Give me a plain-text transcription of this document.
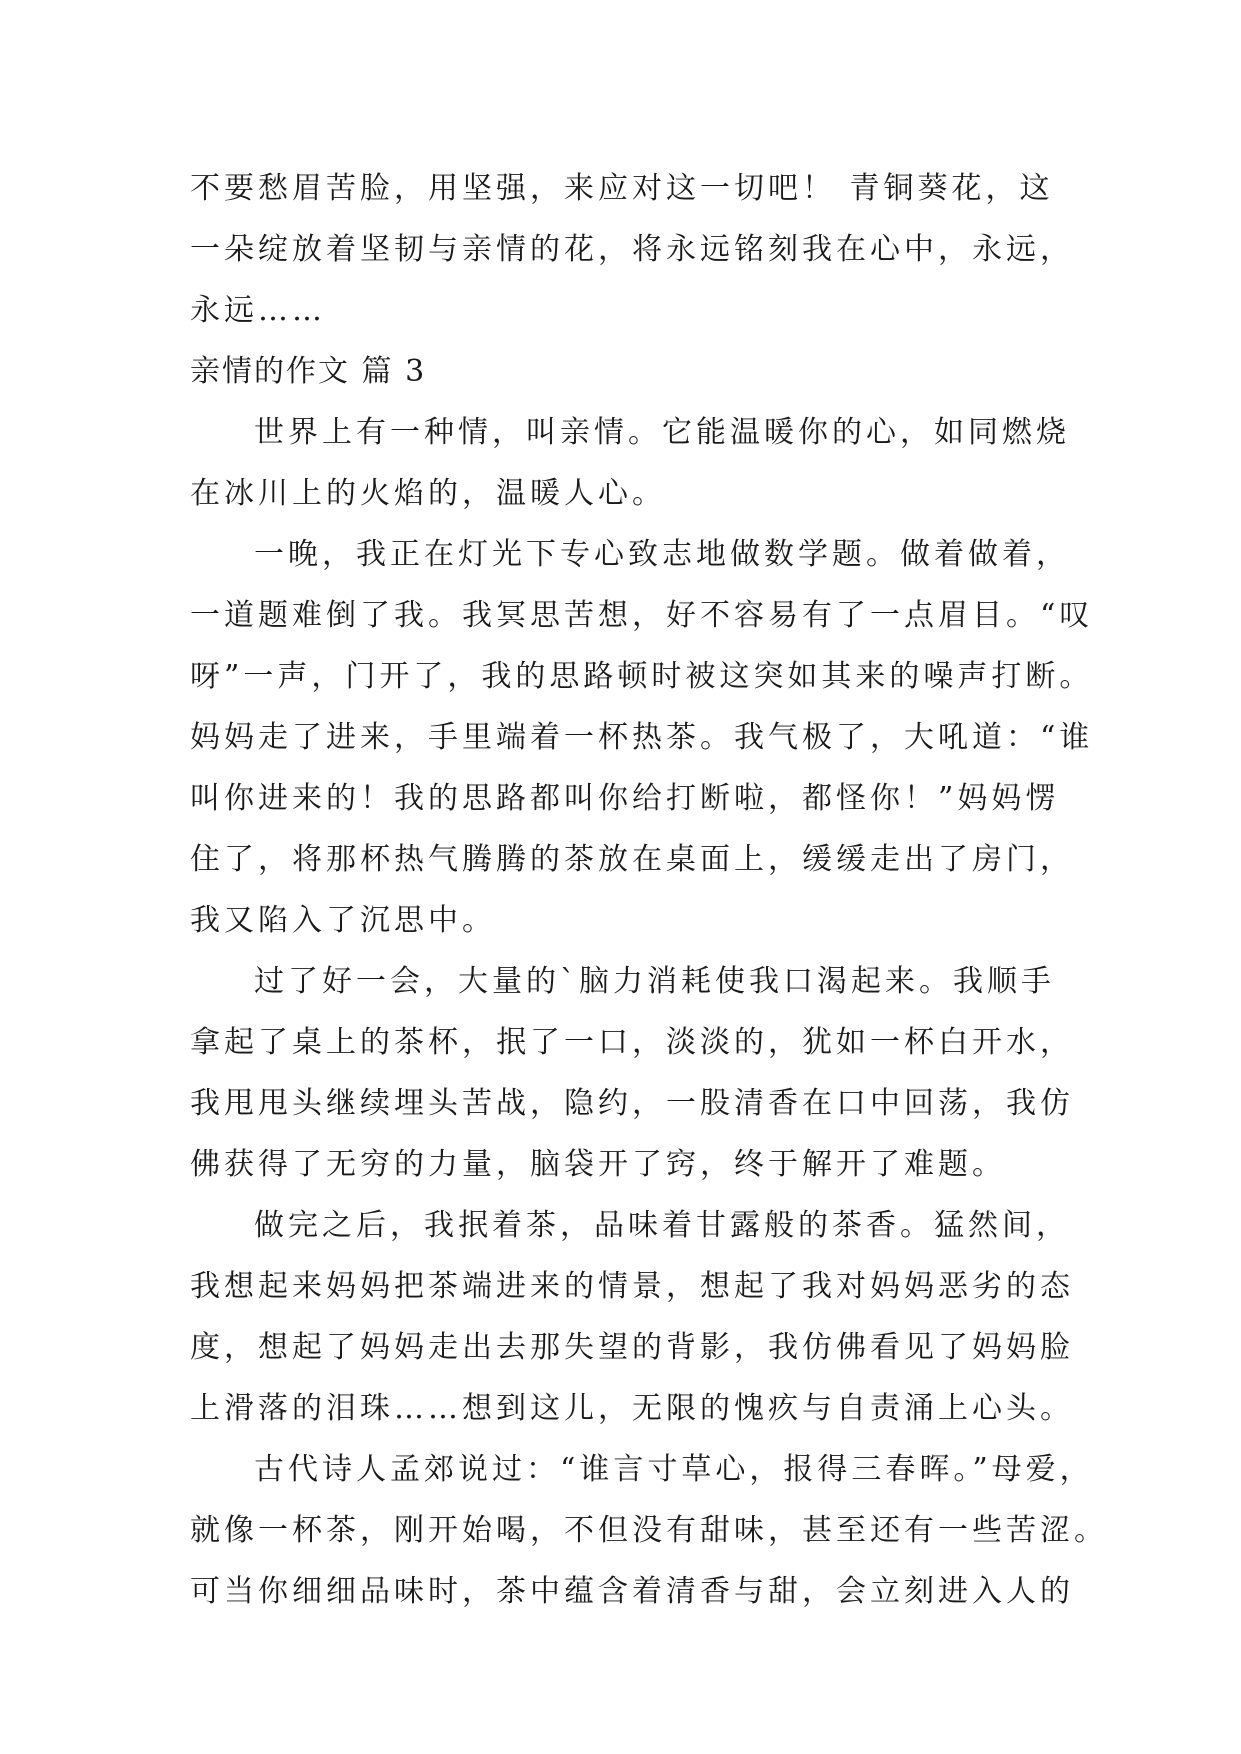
不要愁眉苦脸，用坚强，来应对这一切吧！ 青铜葵花，这
一朵绽放着坚韧与亲情的花，将永远铭刻我在心中，永远，
永远……
亲情的作文 篇 3
世界上有一种情，叫亲情。它能温暖你的心，如同燃烧
在冰川上的火焰的，温暖人心。
一晚，我正在灯光下专心致志地做数学题。做着做着，
一道题难倒了我。我冥思苦想，好不容易有了一点眉目。“叹
呀”一声，门开了，我的思路顿时被这突如其来的噪声打断。
妈妈走了进来，手里端着一杯热茶。我气极了，大吼道：“谁
叫你进来的！我的思路都叫你给打断啦，都怪你！”妈妈愣
住了，将那杯热气腾腾的茶放在桌面上，缓缓走出了房门，
我又陷入了沉思中。
过了好一会，大量的`脑力消耗使我口渴起来。我顺手
拿起了桌上的茶杯，抿了一口，淡淡的，犹如一杯白开水，
我甩甩头继续埋头苦战，隐约，一股清香在口中回荡，我仿
佛获得了无穷的力量，脑袋开了窍，终于解开了难题。
做完之后，我抿着茶，品味着甘露般的茶香。猛然间，
我想起来妈妈把茶端进来的情景，想起了我对妈妈恶劣的态
度，想起了妈妈走出去那失望的背影，我仿佛看见了妈妈脸
上滑落的泪珠……想到这儿，无限的愧疚与自责涌上心头。
古代诗人孟郊说过：“谁言寸草心，报得三春晖。”母爱，
就像一杯茶，刚开始喝，不但没有甜味，甚至还有一些苦涩。
可当你细细品味时，茶中蕴含着清香与甜，会立刻进入人的
